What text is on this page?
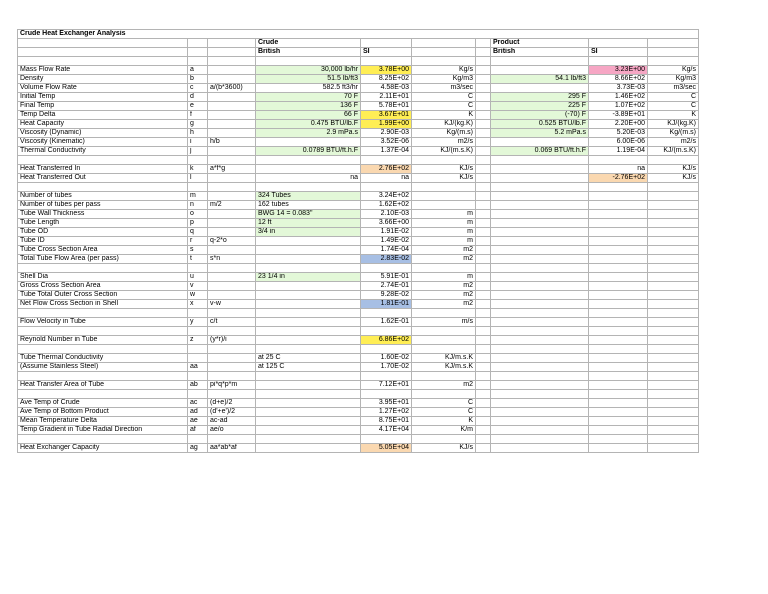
Crude Heat Exchanger Analysis									
			Crude				Product		
			British	SI			British	SI	

Mass Flow Rate	a		30,000 lb/hr	3.78E+00	Kg/s			3.23E+00	Kg/s
Density	b		51.5 lb/ft3	8.25E+02	Kg/m3		54.1 lb/ft3	8.66E+02	Kg/m3
Volume Flow Rate	c	a/(b*3600)	582.5 ft3/hr	4.58E-03	m3/sec			3.73E-03	m3/sec
Initial Temp	d		70 F	2.11E+01	C		295 F	1.46E+02	C
Final Temp	e		136 F	5.78E+01	C		225 F	1.07E+02	C
Temp Delta	f		66 F	3.67E+01	K		(-70) F	-3.89E+01	K
Heat Capacity	g		0.475 BTU/lb.F	1.99E+00	KJ/(kg.K)		0.525 BTU/lb.F	2.20E+00	KJ/(kg.K)
Viscosity (Dynamic)	h		2.9 mPa.s	2.90E-03	Kg/(m.s)		5.2 mPa.s	5.20E-03	Kg/(m.s)
Viscosity (Kinematic)	i	h/b		3.52E-06	m2/s			6.00E-06	m2/s
Thermal Conductivity	j		0.0789 BTU/ft.h.F	1.37E-04	KJ/(m.s.K)		0.069 BTU/ft.h.F	1.19E-04	KJ/(m.s.K)

Heat Transferred In	k	a*f*g		2.76E+02	KJ/s			na	KJ/s
Heat Transferred Out	l		na	na	KJ/s			-2.76E+02	KJ/s

Number of tubes	m		324 Tubes	3.24E+02					
Number of tubes per pass	n	m/2	162 tubes	1.62E+02					
Tube Wall Thickness	o		BWG 14 = 0.083"	2.10E-03	m				
Tube Length	p		12 ft	3.66E+00	m				
Tube OD	q		3/4 in	1.91E-02	m				
Tube ID	r	q-2*o		1.49E-02	m				
Tube Cross Section Area	s			1.74E-04	m2				
Total Tube Flow Area (per pass)	t	s*n		2.83E-02	m2				

Shell Dia	u		23 1/4 in	5.91E-01	m				
Gross Cross Section Area	v			2.74E-01	m2				
Tube Total Outer Cross Section	w			9.28E-02	m2				
Net Flow Cross Section in Shell	x	v-w		1.81E-01	m2				

Flow Velocity in Tube	y	c/t		1.62E-01	m/s				

Reynold Number in Tube	z	(y*r)/i		6.86E+02					

Tube Thermal Conductivity			at 25 C	1.60E-02	KJ/m.s.K				
(Assume Stainless Steel)	aa		at 125 C	1.70E-02	KJ/m.s.K				

Heat Transfer Area of Tube	ab	pi*q*p*m		7.12E+01	m2				

Ave Temp of Crude	ac	(d+e)/2		3.95E+01	C				
Ave Temp of Bottom Product	ad	(d'+e')/2		1.27E+02	C				
Mean Temperature Delta	ae	ac-ad		8.75E+01	K				
Temp Gradient in Tube Radial Direction	af	ae/o		4.17E+04	K/m				

Heat Exchanger Capacity	ag	aa*ab*af		5.05E+04	KJ/s				
